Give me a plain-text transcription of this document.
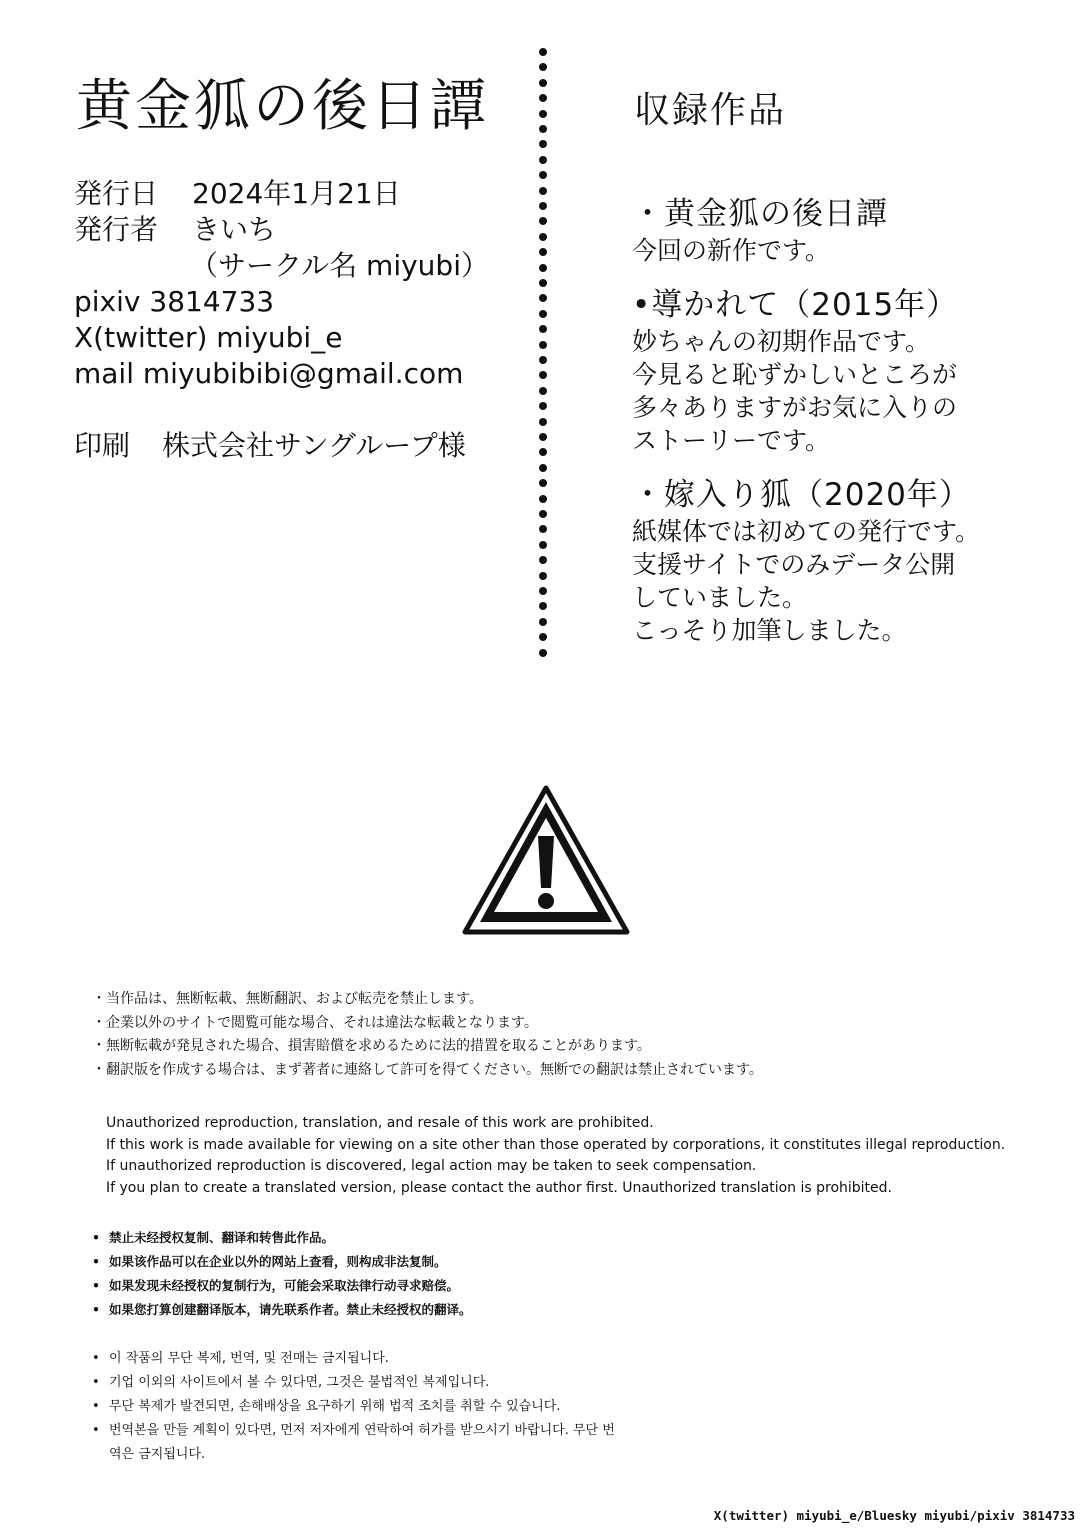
黄金狐の後日譚
発行日 2024年1月21日
発行者 きいち
（サークル名 miyubi）
pixiv 3814733
X(twitter) miyubi_e
mail miyubibibi@gmail.com
印刷 株式会社サングループ様
収録作品
・黄金狐の後日譚
今回の新作です。
•導かれて（2015年）
妙ちゃんの初期作品です。
今見ると恥ずかしいところが
多々ありますがお気に入りの
ストーリーです。
・嫁入り狐（2020年）
紙媒体では初めての発行です。
支援サイトでのみデータ公開
していました。
こっそり加筆しました。
・当作品は、無断転載、無断翻訳、および転売を禁止します。
・企業以外のサイトで閲覧可能な場合、それは違法な転載となります。
・無断転載が発見された場合、損害賠償を求めるために法的措置を取ることがあります。
・翻訳版を作成する場合は、まず著者に連絡して許可を得てください。無断での翻訳は禁止されています。
Unauthorized reproduction, translation, and resale of this work are prohibited.
If this work is made available for viewing on a site other than those operated by corporations, it constitutes illegal reproduction.
If unauthorized reproduction is discovered, legal action may be taken to seek compensation.
If you plan to create a translated version, please contact the author first. Unauthorized translation is prohibited.
• 禁止未经授权复制、翻译和转售此作品。
• 如果该作品可以在企业以外的网站上查看，则构成非法复制。
• 如果发现未经授权的复制行为，可能会采取法律行动寻求赔偿。
• 如果您打算创建翻译版本，请先联系作者。禁止未经授权的翻译。
• 이 작품의 무단 복제, 번역, 및 전매는 금지됩니다.
• 기업 이외의 사이트에서 볼 수 있다면, 그것은 불법적인 복제입니다.
• 무단 복제가 발견되면, 손해배상을 요구하기 위해 법적 조치를 취할 수 있습니다.
• 번역본을 만들 계획이 있다면, 먼저 저자에게 연락하여 허가를 받으시기 바랍니다. 무단 번
역은 금지됩니다.
X(twitter) miyubi_e/Bluesky miyubi/pixiv 3814733
